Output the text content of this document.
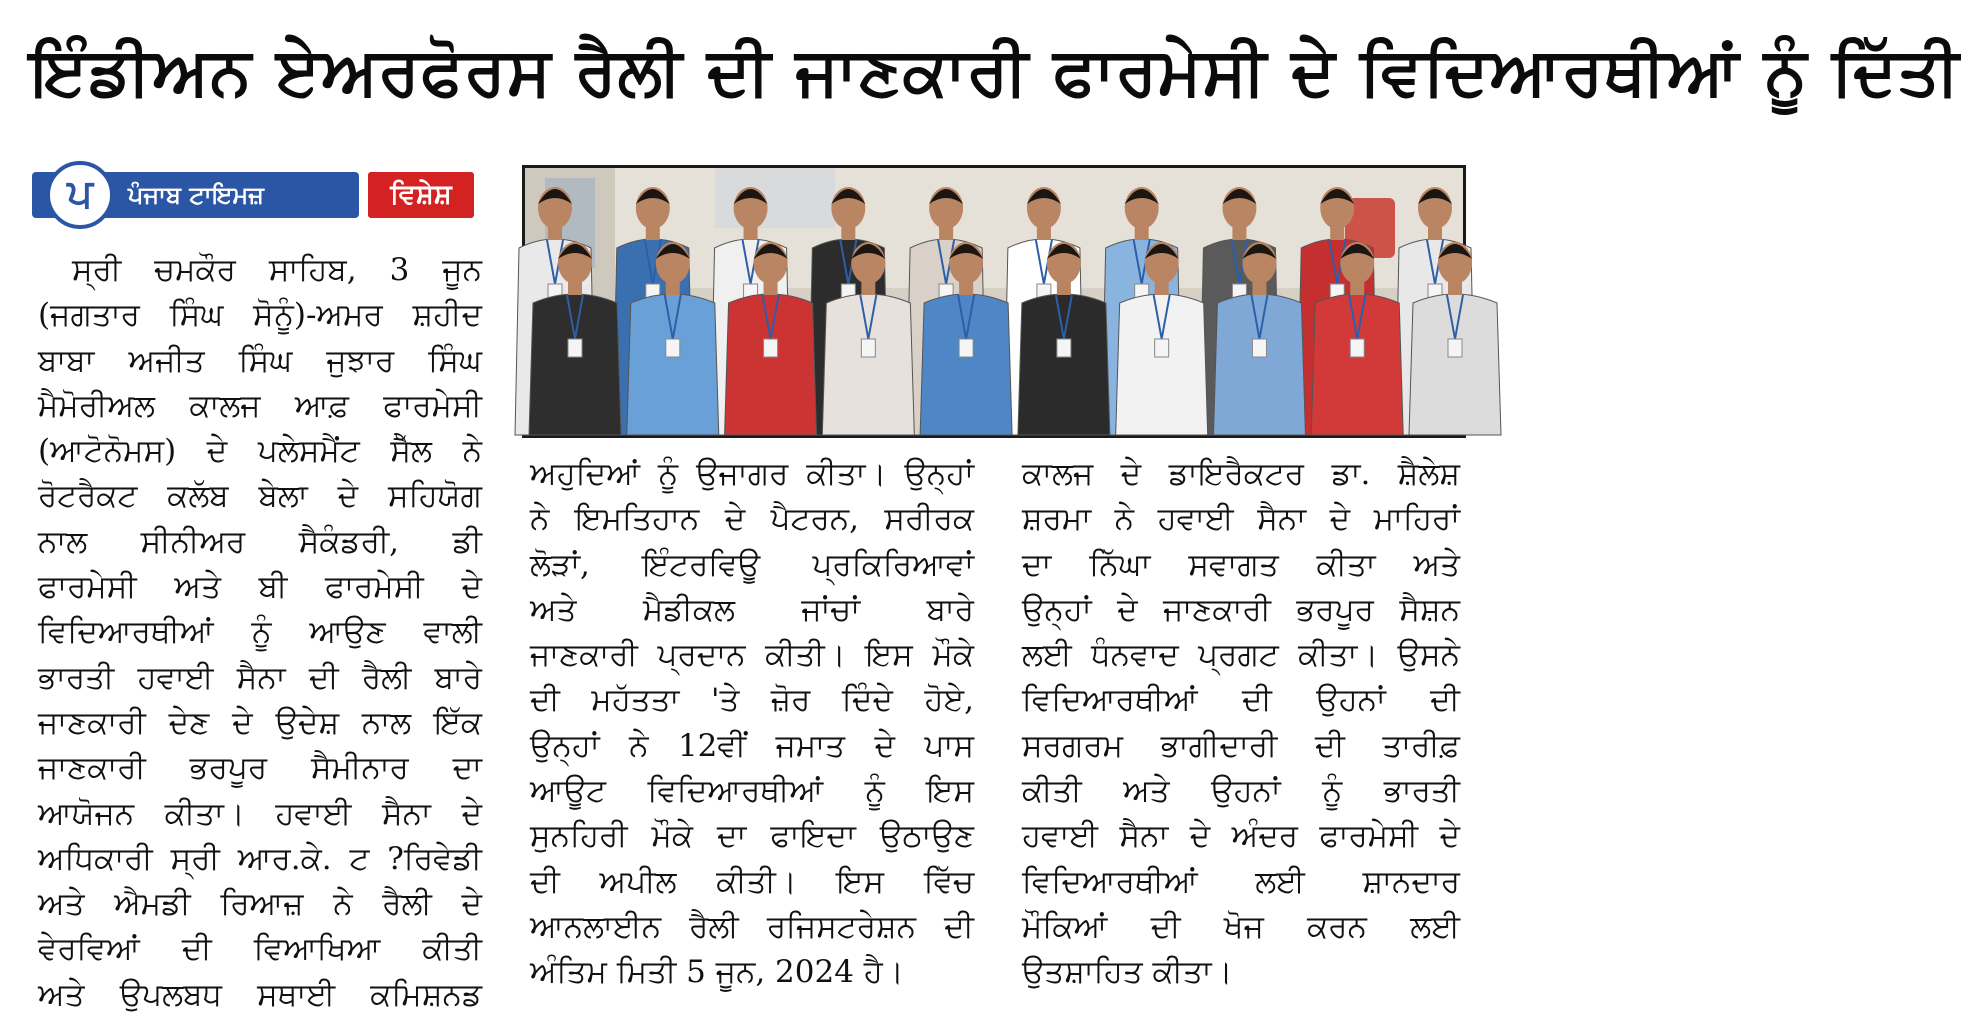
ਇੰਡੀਅਨ ਏਅਰਫੋਰਸ ਰੈਲੀ ਦੀ ਜਾਣਕਾਰੀ ਫਾਰਮੇਸੀ ਦੇ ਵਿਦਿਆਰਥੀਆਂ ਨੂੰ ਦਿੱਤੀ
ਪ	ਪੰਜਾਬ ਟਾਇਮਜ਼	ਵਿਸ਼ੇਸ਼
ਸ੍ਰੀ ਚਮਕੌਰ ਸਾਹਿਬ, 3 ਜੂਨ
(ਜਗਤਾਰ ਸਿੰਘ ਸੋਨੂੰ)-ਅਮਰ ਸ਼ਹੀਦ
ਬਾਬਾ ਅਜੀਤ ਸਿੰਘ ਜੁਝਾਰ ਸਿੰਘ
ਮੈਮੋਰੀਅਲ ਕਾਲਜ ਆਫ਼ ਫਾਰਮੇਸੀ
(ਆਟੋਨੋਮਸ) ਦੇ ਪਲੇਸਮੈਂਟ ਸੈੱਲ ਨੇ
ਰੋਟਰੈਕਟ ਕਲੱਬ ਬੇਲਾ ਦੇ ਸਹਿਯੋਗ
ਨਾਲ ਸੀਨੀਅਰ ਸੈਕੰਡਰੀ, ਡੀ
ਫਾਰਮੇਸੀ ਅਤੇ ਬੀ ਫਾਰਮੇਸੀ ਦੇ
ਵਿਦਿਆਰਥੀਆਂ ਨੂੰ ਆਉਣ ਵਾਲੀ
ਭਾਰਤੀ ਹਵਾਈ ਸੈਨਾ ਦੀ ਰੈਲੀ ਬਾਰੇ
ਜਾਣਕਾਰੀ ਦੇਣ ਦੇ ਉਦੇਸ਼ ਨਾਲ ਇੱਕ
ਜਾਣਕਾਰੀ ਭਰਪੂਰ ਸੈਮੀਨਾਰ ਦਾ
ਆਯੋਜਨ ਕੀਤਾ। ਹਵਾਈ ਸੈਨਾ ਦੇ
ਅਧਿਕਾਰੀ ਸ੍ਰੀ ਆਰ.ਕੇ. ਟ ?ਰਿਵੇਡੀ
ਅਤੇ ਐਮਡੀ ਰਿਆਜ਼ ਨੇ ਰੈਲੀ ਦੇ
ਵੇਰਵਿਆਂ ਦੀ ਵਿਆਖਿਆ ਕੀਤੀ
ਅਤੇ ਉਪਲਬਧ ਸਥਾਈ ਕਮਿਸ਼ਨਡ
ਅਹੁਦਿਆਂ ਨੂੰ ਉਜਾਗਰ ਕੀਤਾ। ਉਨ੍ਹਾਂ
ਨੇ ਇਮਤਿਹਾਨ ਦੇ ਪੈਟਰਨ, ਸਰੀਰਕ
ਲੋੜਾਂ, ਇੰਟਰਵਿਊ ਪ੍ਰਕਿਰਿਆਵਾਂ
ਅਤੇ ਮੈਡੀਕਲ ਜਾਂਚਾਂ ਬਾਰੇ
ਜਾਣਕਾਰੀ ਪ੍ਰਦਾਨ ਕੀਤੀ। ਇਸ ਮੌਕੇ
ਦੀ ਮਹੱਤਤਾ 'ਤੇ ਜ਼ੋਰ ਦਿੰਦੇ ਹੋਏ,
ਉਨ੍ਹਾਂ ਨੇ 12ਵੀਂ ਜਮਾਤ ਦੇ ਪਾਸ
ਆਊਟ ਵਿਦਿਆਰਥੀਆਂ ਨੂੰ ਇਸ
ਸੁਨਹਿਰੀ ਮੌਕੇ ਦਾ ਫਾਇਦਾ ਉਠਾਉਣ
ਦੀ ਅਪੀਲ ਕੀਤੀ। ਇਸ ਵਿੱਚ
ਆਨਲਾਈਨ ਰੈਲੀ ਰਜਿਸਟਰੇਸ਼ਨ ਦੀ
ਅੰਤਿਮ ਮਿਤੀ 5 ਜੂਨ, 2024 ਹੈ।
ਕਾਲਜ ਦੇ ਡਾਇਰੈਕਟਰ ਡਾ. ਸ਼ੈਲੇਸ਼
ਸ਼ਰਮਾ ਨੇ ਹਵਾਈ ਸੈਨਾ ਦੇ ਮਾਹਿਰਾਂ
ਦਾ ਨਿੱਘਾ ਸਵਾਗਤ ਕੀਤਾ ਅਤੇ
ਉਨ੍ਹਾਂ ਦੇ ਜਾਣਕਾਰੀ ਭਰਪੂਰ ਸੈਸ਼ਨ
ਲਈ ਧੰਨਵਾਦ ਪ੍ਰਗਟ ਕੀਤਾ। ਉਸਨੇ
ਵਿਦਿਆਰਥੀਆਂ ਦੀ ਉਹਨਾਂ ਦੀ
ਸਰਗਰਮ ਭਾਗੀਦਾਰੀ ਦੀ ਤਾਰੀਫ਼
ਕੀਤੀ ਅਤੇ ਉਹਨਾਂ ਨੂੰ ਭਾਰਤੀ
ਹਵਾਈ ਸੈਨਾ ਦੇ ਅੰਦਰ ਫਾਰਮੇਸੀ ਦੇ
ਵਿਦਿਆਰਥੀਆਂ ਲਈ ਸ਼ਾਨਦਾਰ
ਮੌਕਿਆਂ ਦੀ ਖੋਜ ਕਰਨ ਲਈ
ਉਤਸ਼ਾਹਿਤ ਕੀਤਾ।
